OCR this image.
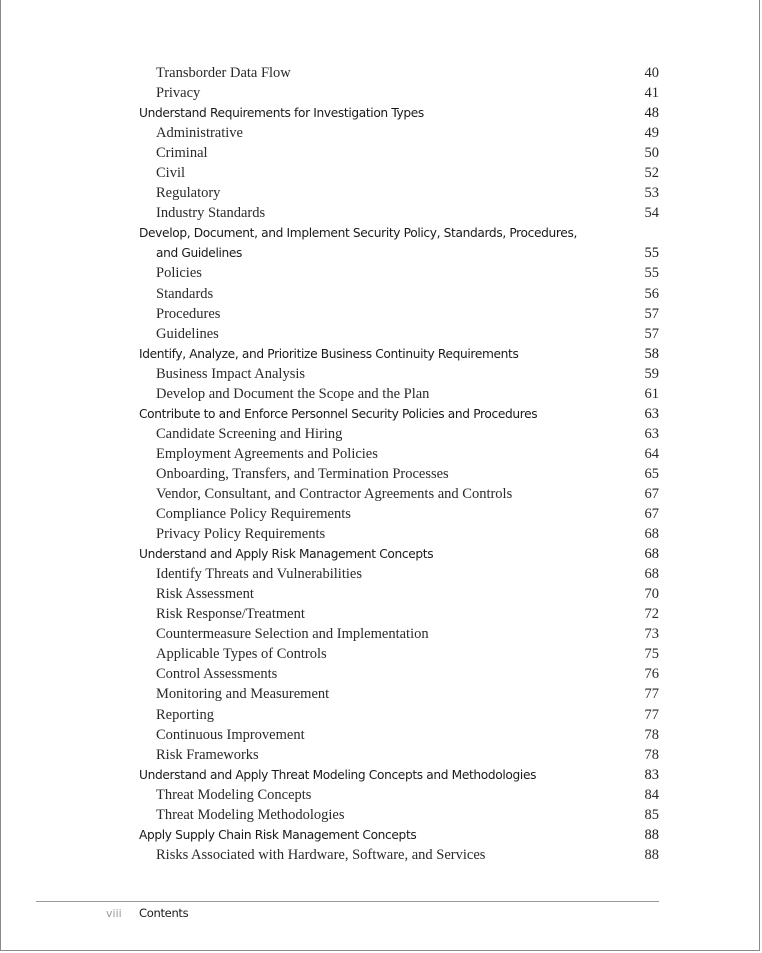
Transborder Data Flow	40
Privacy	41
Understand Requirements for Investigation Types	48
Administrative	49
Criminal	50
Civil	52
Regulatory	53
Industry Standards	54
Develop, Document, and Implement Security Policy, Standards, Procedures,
and Guidelines	55
Policies	55
Standards	56
Procedures	57
Guidelines	57
Identify, Analyze, and Prioritize Business Continuity Requirements	58
Business Impact Analysis	59
Develop and Document the Scope and the Plan	61
Contribute to and Enforce Personnel Security Policies and Procedures	63
Candidate Screening and Hiring	63
Employment Agreements and Policies	64
Onboarding, Transfers, and Termination Processes	65
Vendor, Consultant, and Contractor Agreements and Controls	67
Compliance Policy Requirements	67
Privacy Policy Requirements	68
Understand and Apply Risk Management Concepts	68
Identify Threats and Vulnerabilities	68
Risk Assessment	70
Risk Response/Treatment	72
Countermeasure Selection and Implementation	73
Applicable Types of Controls	75
Control Assessments	76
Monitoring and Measurement	77
Reporting	77
Continuous Improvement	78
Risk Frameworks	78
Understand and Apply Threat Modeling Concepts and Methodologies	83
Threat Modeling Concepts	84
Threat Modeling Methodologies	85
Apply Supply Chain Risk Management Concepts	88
Risks Associated with Hardware, Software, and Services	88
viii Contents
